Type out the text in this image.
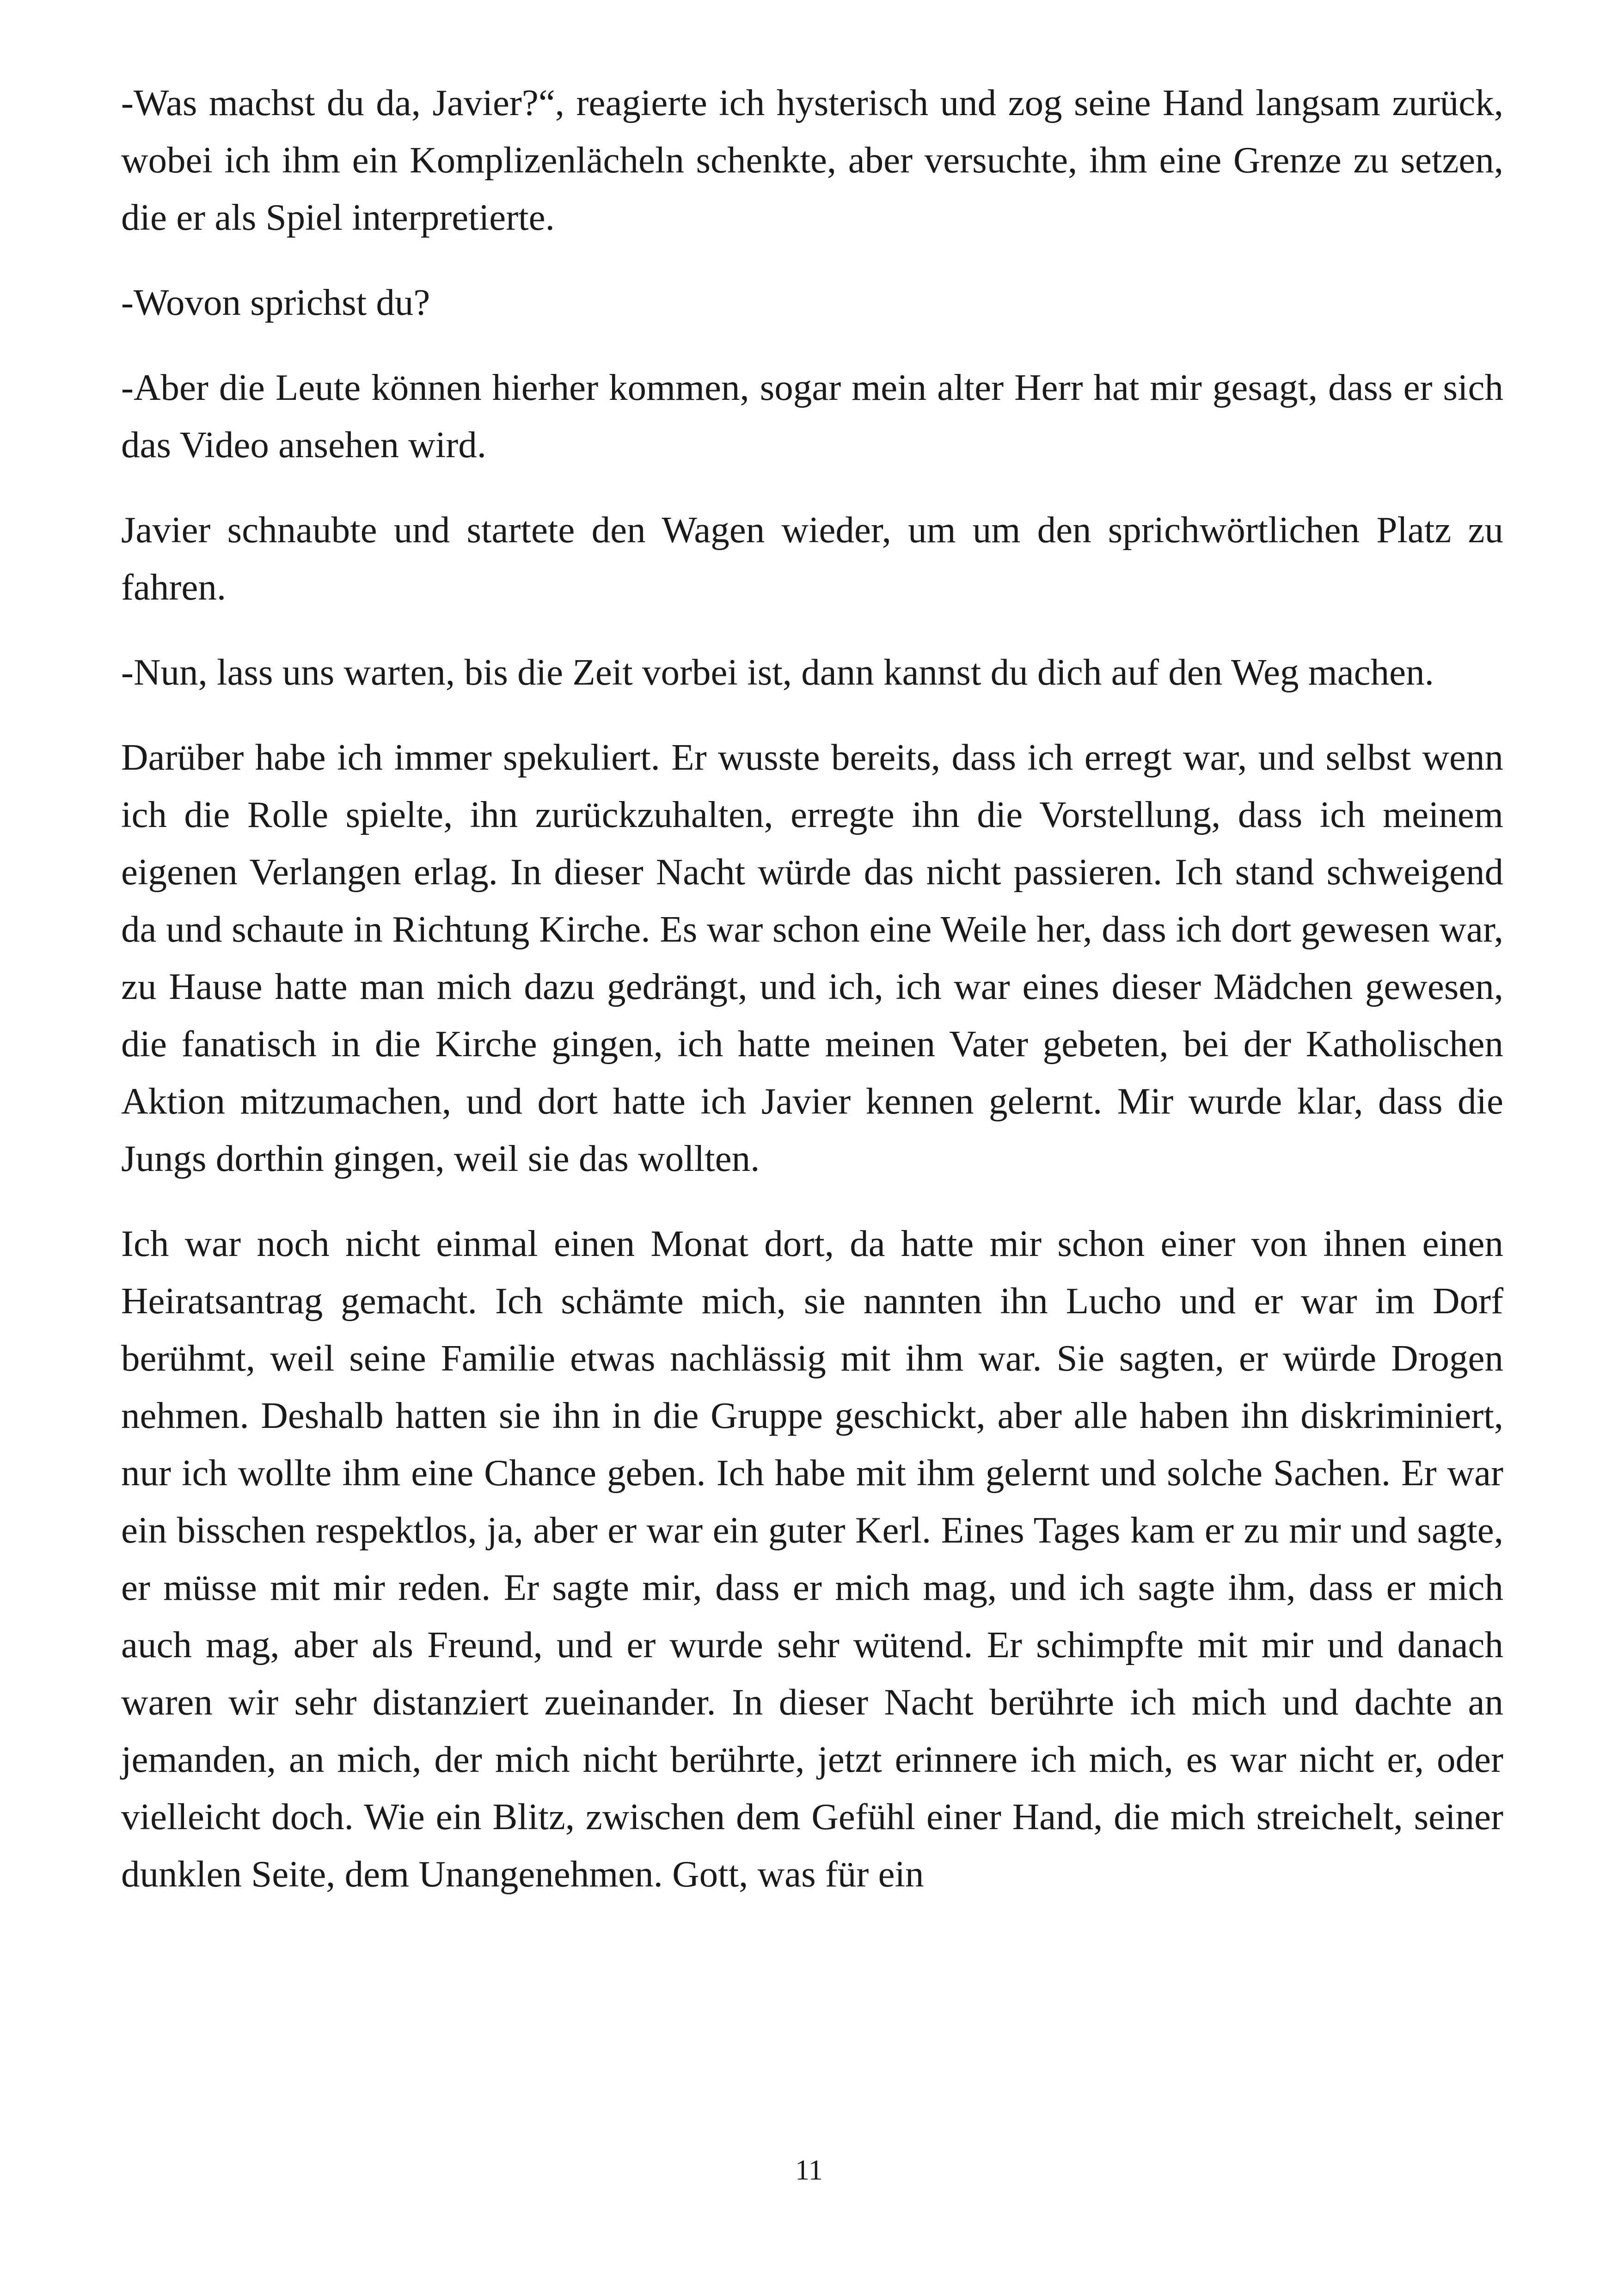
-Was machst du da, Javier?“, reagierte ich hysterisch und zog seine Hand langsam zurück, wobei ich ihm ein Komplizenlächeln schenkte, aber versuchte, ihm eine Grenze zu setzen, die er als Spiel interpretierte.

-Wovon sprichst du?

-Aber die Leute können hierher kommen, sogar mein alter Herr hat mir gesagt, dass er sich das Video ansehen wird.

Javier schnaubte und startete den Wagen wieder, um um den sprichwörtlichen Platz zu fahren.

-Nun, lass uns warten, bis die Zeit vorbei ist, dann kannst du dich auf den Weg machen.

Darüber habe ich immer spekuliert. Er wusste bereits, dass ich erregt war, und selbst wenn ich die Rolle spielte, ihn zurückzuhalten, erregte ihn die Vorstellung, dass ich meinem eigenen Verlangen erlag. In dieser Nacht würde das nicht passieren. Ich stand schweigend da und schaute in Richtung Kirche. Es war schon eine Weile her, dass ich dort gewesen war, zu Hause hatte man mich dazu gedrängt, und ich, ich war eines dieser Mädchen gewesen, die fanatisch in die Kirche gingen, ich hatte meinen Vater gebeten, bei der Katholischen Aktion mitzumachen, und dort hatte ich Javier kennen gelernt. Mir wurde klar, dass die Jungs dorthin gingen, weil sie das wollten.

Ich war noch nicht einmal einen Monat dort, da hatte mir schon einer von ihnen einen Heiratsantrag gemacht. Ich schämte mich, sie nannten ihn Lucho und er war im Dorf berühmt, weil seine Familie etwas nachlässig mit ihm war. Sie sagten, er würde Drogen nehmen. Deshalb hatten sie ihn in die Gruppe geschickt, aber alle haben ihn diskriminiert, nur ich wollte ihm eine Chance geben. Ich habe mit ihm gelernt und solche Sachen. Er war ein bisschen respektlos, ja, aber er war ein guter Kerl. Eines Tages kam er zu mir und sagte, er müsse mit mir reden. Er sagte mir, dass er mich mag, und ich sagte ihm, dass er mich auch mag, aber als Freund, und er wurde sehr wütend. Er schimpfte mit mir und danach waren wir sehr distanziert zueinander. In dieser Nacht berührte ich mich und dachte an jemanden, an mich, der mich nicht berührte, jetzt erinnere ich mich, es war nicht er, oder vielleicht doch. Wie ein Blitz, zwischen dem Gefühl einer Hand, die mich streichelt, seiner dunklen Seite, dem Unangenehmen. Gott, was für ein

11
